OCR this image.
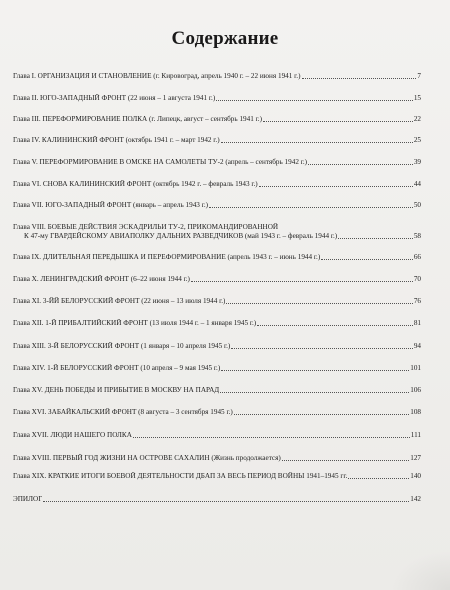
Содержание
Глава I. ОРГАНИЗАЦИЯ И СТАНОВЛЕНИЕ (г. Кировоград, апрель 1940 г. – 22 июня 1941 г.)	7
Глава II. ЮГО-ЗАПАДНЫЙ ФРОНТ (22 июня – 1 августа 1941 г.)	15
Глава III. ПЕРЕФОРМИРОВАНИЕ ПОЛКА (г. Липецк, август – сентябрь 1941 г.)	22
Глава IV. КАЛИНИНСКИЙ ФРОНТ (октябрь 1941 г. – март 1942 г.)	25
Глава V. ПЕРЕФОРМИРОВАНИЕ В ОМСКЕ НА САМОЛЕТЫ ТУ-2 (апрель – сентябрь 1942 г.)	39
Глава VI. СНОВА КАЛИНИНСКИЙ ФРОНТ (октябрь 1942 г. – февраль 1943 г.)	44
Глава VII. ЮГО-ЗАПАДНЫЙ ФРОНТ (январь – апрель 1943 г.)	50
Глава VIII. БОЕВЫЕ ДЕЙСТВИЯ ЭСКАДРИЛЬИ ТУ-2, ПРИКОМАНДИРОВАННОЙ
К 47-му ГВАРДЕЙСКОМУ АВИАПОЛКУ ДАЛЬНИХ РАЗВЕДЧИКОВ (май 1943 г. – февраль 1944 г.)	58
Глава IX. ДЛИТЕЛЬНАЯ ПЕРЕДЫШКА И ПЕРЕФОРМИРОВАНИЕ (апрель 1943 г. – июнь 1944 г.)	66
Глава X. ЛЕНИНГРАДСКИЙ ФРОНТ (6–22 июня 1944 г.)	70
Глава XI. 3-ЙЙ БЕЛОРУССКИЙ ФРОНТ (22 июня – 13 июля 1944 г.)	76
Глава XII. 1-Й ПРИБАЛТИЙСКИЙ ФРОНТ (13 июля 1944 г. – 1 января 1945 г.)	81
Глава XIII. 3-Й БЕЛОРУССКИЙ ФРОНТ (1 января – 10 апреля 1945 г.)	94
Глава XIV. 1-Й БЕЛОРУССКИЙ ФРОНТ (10 апреля – 9 мая 1945 г.)	101
Глава XV. ДЕНЬ ПОБЕДЫ И ПРИБЫТИЕ В МОСКВУ НА ПАРАД	106
Глава XVI. ЗАБАЙКАЛЬСКИЙ ФРОНТ (8 августа – 3 сентября 1945 г.)	108
Глава XVII. ЛЮДИ НАШЕГО ПОЛКА	111
Глава XVIII. ПЕРВЫЙ ГОД ЖИЗНИ НА ОСТРОВЕ САХАЛИН (Жизнь продолжается)	127
Глава XIX. КРАТКИЕ ИТОГИ БОЕВОЙ ДЕЯТЕЛЬНОСТИ ДБАП ЗА ВЕСЬ ПЕРИОД ВОЙНЫ 1941–1945 гг.	140
ЭПИЛОГ	142
